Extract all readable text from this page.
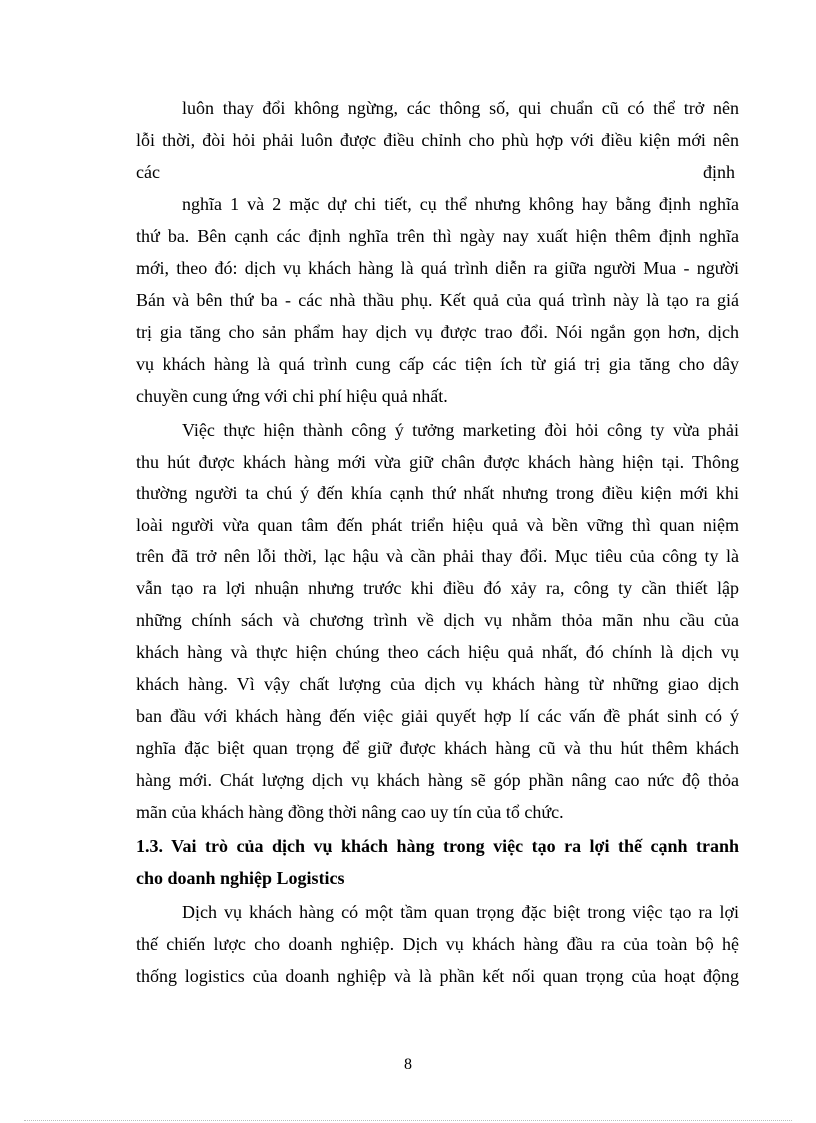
luôn thay đổi không ngừng, các thông số, qui chuẩn cũ có thể trở nên
lỗi thời, đòi hỏi phải luôn được điều chỉnh cho phù hợp với điều kiện mới nên
các	định
nghĩa 1 và 2 mặc dự chi tiết, cụ thể nhưng không hay bằng định nghĩa
thứ ba. Bên cạnh các định nghĩa trên thì ngày nay xuất hiện thêm định nghĩa
mới, theo đó: dịch vụ khách hàng là quá trình diễn ra giữa người Mua - người
Bán và bên thứ ba - các nhà thầu phụ. Kết quả của quá trình này là tạo ra giá
trị gia tăng cho sản phẩm hay dịch vụ được trao đổi. Nói ngắn gọn hơn, dịch
vụ khách hàng là quá trình cung cấp các tiện ích từ giá trị gia tăng cho dây
chuyền cung ứng với chi phí hiệu quả nhất.
Việc thực hiện thành công ý tưởng marketing đòi hỏi công ty vừa phải
thu hút được khách hàng mới vừa giữ chân được khách hàng hiện tại. Thông
thường người ta chú ý đến khía cạnh thứ nhất nhưng trong điều kiện mới khi
loài người vừa quan tâm đến phát triển hiệu quả và bền vững thì quan niệm
trên đã trở nên lỗi thời, lạc hậu và cần phải thay đổi. Mục tiêu của công ty là
vẫn tạo ra lợi nhuận nhưng trước khi điều đó xảy ra, công ty cần thiết lập
những chính sách và chương trình về dịch vụ nhằm thỏa mãn nhu cầu của
khách hàng và thực hiện chúng theo cách hiệu quả nhất, đó chính là dịch vụ
khách hàng. Vì vậy chất lượng của dịch vụ khách hàng từ những giao dịch
ban đầu với khách hàng đến việc giải quyết hợp lí các vấn đề phát sinh có ý
nghĩa đặc biệt quan trọng để giữ được khách hàng cũ và thu hút thêm khách
hàng mới. Chát lượng dịch vụ khách hàng sẽ góp phần nâng cao nức độ thỏa
mãn của khách hàng đồng thời nâng cao uy tín của tổ chức.
1.3. Vai trò của dịch vụ khách hàng trong việc tạo ra lợi thế cạnh tranh
cho doanh nghiệp Logistics
Dịch vụ khách hàng có một tầm quan trọng đặc biệt trong việc tạo ra lợi
thế chiến lược cho doanh nghiệp. Dịch vụ khách hàng đầu ra của toàn bộ hệ
thống logistics của doanh nghiệp và là phần kết nối quan trọng của hoạt động
8
